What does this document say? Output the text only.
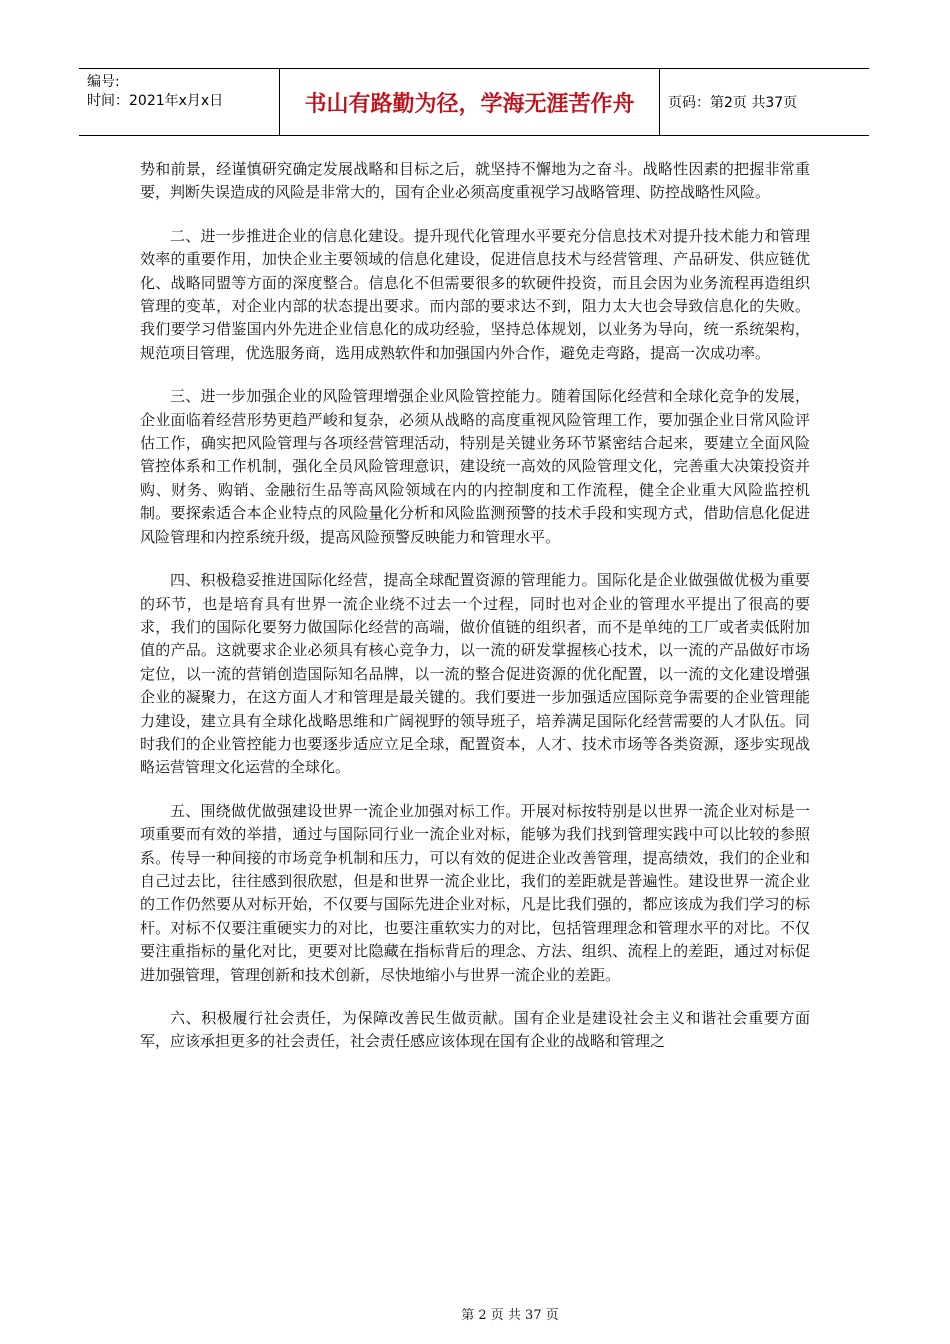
编号:
时间：2021年x月x日	书山有路勤为径，学海无涯苦作舟	页码：第2页 共37页

势和前景，经谨慎研究确定发展战略和目标之后，就坚持不懈地为之奋斗。战略性因素的把握非常重要，判断失误造成的风险是非常大的，国有企业必须高度重视学习战略管理、防控战略性风险。

二、进一步推进企业的信息化建设。提升现代化管理水平要充分信息技术对提升技术能力和管理效率的重要作用，加快企业主要领域的信息化建设，促进信息技术与经营管理、产品研发、供应链优化、战略同盟等方面的深度整合。信息化不但需要很多的软硬件投资，而且会因为业务流程再造组织管理的变革，对企业内部的状态提出要求。而内部的要求达不到，阻力太大也会导致信息化的失败。我们要学习借鉴国内外先进企业信息化的成功经验，坚持总体规划，以业务为导向，统一系统架构，规范项目管理，优选服务商，选用成熟软件和加强国内外合作，避免走弯路，提高一次成功率。

三、进一步加强企业的风险管理增强企业风险管控能力。随着国际化经营和全球化竞争的发展，企业面临着经营形势更趋严峻和复杂，必须从战略的高度重视风险管理工作，要加强企业日常风险评估工作，确实把风险管理与各项经营管理活动，特别是关键业务环节紧密结合起来，要建立全面风险管控体系和工作机制，强化全员风险管理意识，建设统一高效的风险管理文化，完善重大决策投资并购、财务、购销、金融衍生品等高风险领域在内的内控制度和工作流程，健全企业重大风险监控机制。要探索适合本企业特点的风险量化分析和风险监测预警的技术手段和实现方式，借助信息化促进风险管理和内控系统升级，提高风险预警反映能力和管理水平。

四、积极稳妥推进国际化经营，提高全球配置资源的管理能力。国际化是企业做强做优极为重要的环节，也是培育具有世界一流企业绕不过去一个过程，同时也对企业的管理水平提出了很高的要求，我们的国际化要努力做国际化经营的高端，做价值链的组织者，而不是单纯的工厂或者卖低附加值的产品。这就要求企业必须具有核心竞争力，以一流的研发掌握核心技术，以一流的产品做好市场定位，以一流的营销创造国际知名品牌，以一流的整合促进资源的优化配置，以一流的文化建设增强企业的凝聚力，在这方面人才和管理是最关键的。我们要进一步加强适应国际竞争需要的企业管理能力建设，建立具有全球化战略思维和广阔视野的领导班子，培养满足国际化经营需要的人才队伍。同时我们的企业管控能力也要逐步适应立足全球，配置资本，人才、技术市场等各类资源，逐步实现战略运营管理文化运营的全球化。

五、围绕做优做强建设世界一流企业加强对标工作。开展对标按特别是以世界一流企业对标是一项重要而有效的举措，通过与国际同行业一流企业对标，能够为我们找到管理实践中可以比较的参照系。传导一种间接的市场竞争机制和压力，可以有效的促进企业改善管理，提高绩效，我们的企业和自己过去比，往往感到很欣慰，但是和世界一流企业比，我们的差距就是普遍性。建设世界一流企业的工作仍然要从对标开始，不仅要与国际先进企业对标，凡是比我们强的，都应该成为我们学习的标杆。对标不仅要注重硬实力的对比，也要注重软实力的对比，包括管理理念和管理水平的对比。不仅要注重指标的量化对比，更要对比隐藏在指标背后的理念、方法、组织、流程上的差距，通过对标促进加强管理，管理创新和技术创新，尽快地缩小与世界一流企业的差距。

六、积极履行社会责任，为保障改善民生做贡献。国有企业是建设社会主义和谐社会重要方面军，应该承担更多的社会责任，社会责任感应该体现在国有企业的战略和管理之

第 2 页 共 37 页
